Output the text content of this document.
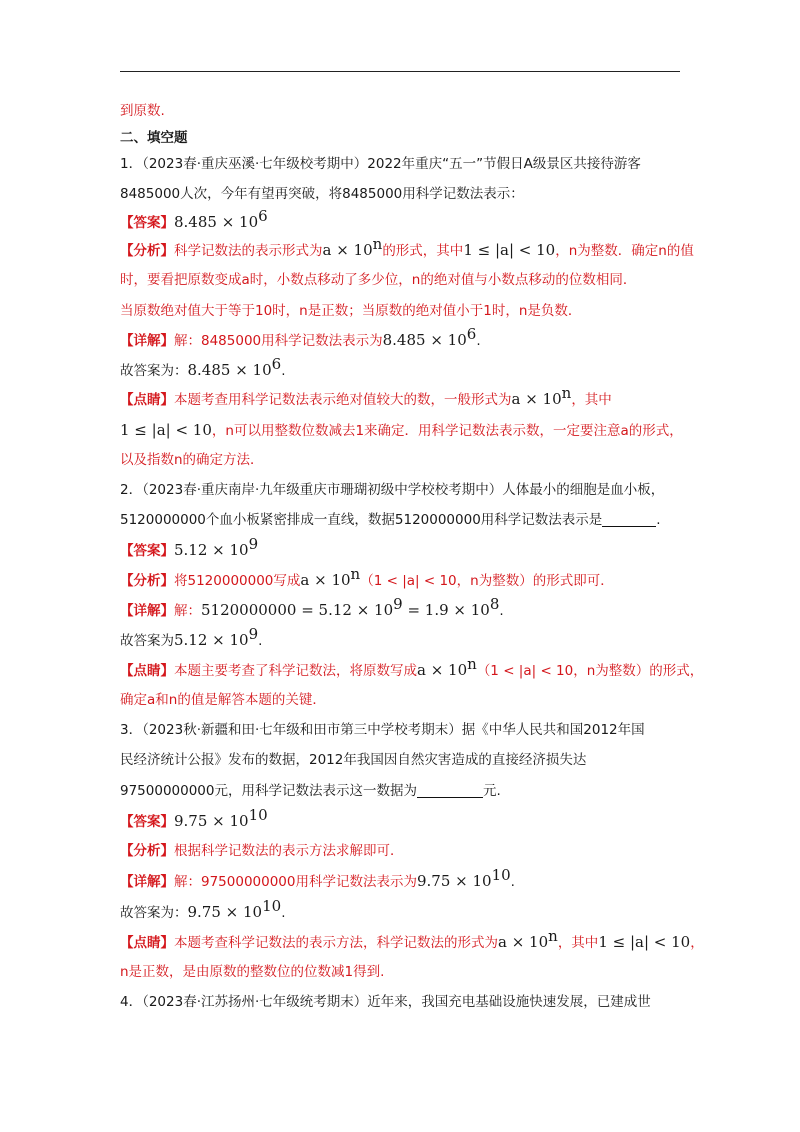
到原数.
二、填空题
1．（2023春·重庆巫溪·七年级校考期中）2022年重庆“五一”节假日A级景区共接待游客
8485000人次，今年有望再突破，将8485000用科学记数法表示：
【答案】$8.485 \times 10^6$
【分析】科学记数法的表示形式为$a \times 10^n$的形式，其中1 ≤ |a| < 10，n为整数．确定n的值
时，要看把原数变成a时，小数点移动了多少位，n的绝对值与小数点移动的位数相同．
当原数绝对值大于等于10时，n是正数；当原数的绝对值小于1时，n是负数．
【详解】解：8485000用科学记数法表示为$8.485 \times 10^6$.
故答案为：$8.485 \times 10^6$.
【点睛】本题考查用科学记数法表示绝对值较大的数，一般形式为$a \times 10^n$，其中
1 ≤ |a| < 10，n可以用整数位数减去1来确定．用科学记数法表示数，一定要注意a的形式，
以及指数n的确定方法．
2．（2023春·重庆南岸·九年级重庆市珊瑚初级中学校校考期中）人体最小的细胞是血小板，
5120000000个血小板紧密排成一直线，数据5120000000用科学记数法表示是	.
【答案】$5.12 \times 10^9$
【分析】将5120000000写成$a \times 10^n(1 < |a| < 10$，n为整数）的形式即可．
【详解】解：$5120000000 = 5.12 \times 10^9 = 1.9 \times 10^8$.
故答案为$5.12 \times 10^9$.
【点睛】本题主要考查了科学记数法，将原数写成$a \times 10^n(1 < |a| < 10$，n为整数）的形式，
确定a和n的值是解答本题的关键．
3．（2023秋·新疆和田·七年级和田市第三中学校考期末）据《中华人民共和国2012年国
民经济统计公报》发布的数据，2012年我国因自然灾害造成的直接经济损失达
97500000000元，用科学记数法表示这一数据为	元.
【答案】$9.75 \times 10^{10}$
【分析】根据科学记数法的表示方法求解即可．
【详解】解：97500000000用科学记数法表示为$9.75 \times 10^{10}$.
故答案为：$9.75 \times 10^{10}$.
【点睛】本题考查科学记数法的表示方法，科学记数法的形式为$a \times 10^n$，其中1 ≤ |a| < 10，
n是正数，是由原数的整数位的位数减1得到.
4．（2023春·江苏扬州·七年级统考期末）近年来，我国充电基础设施快速发展，已建成世
